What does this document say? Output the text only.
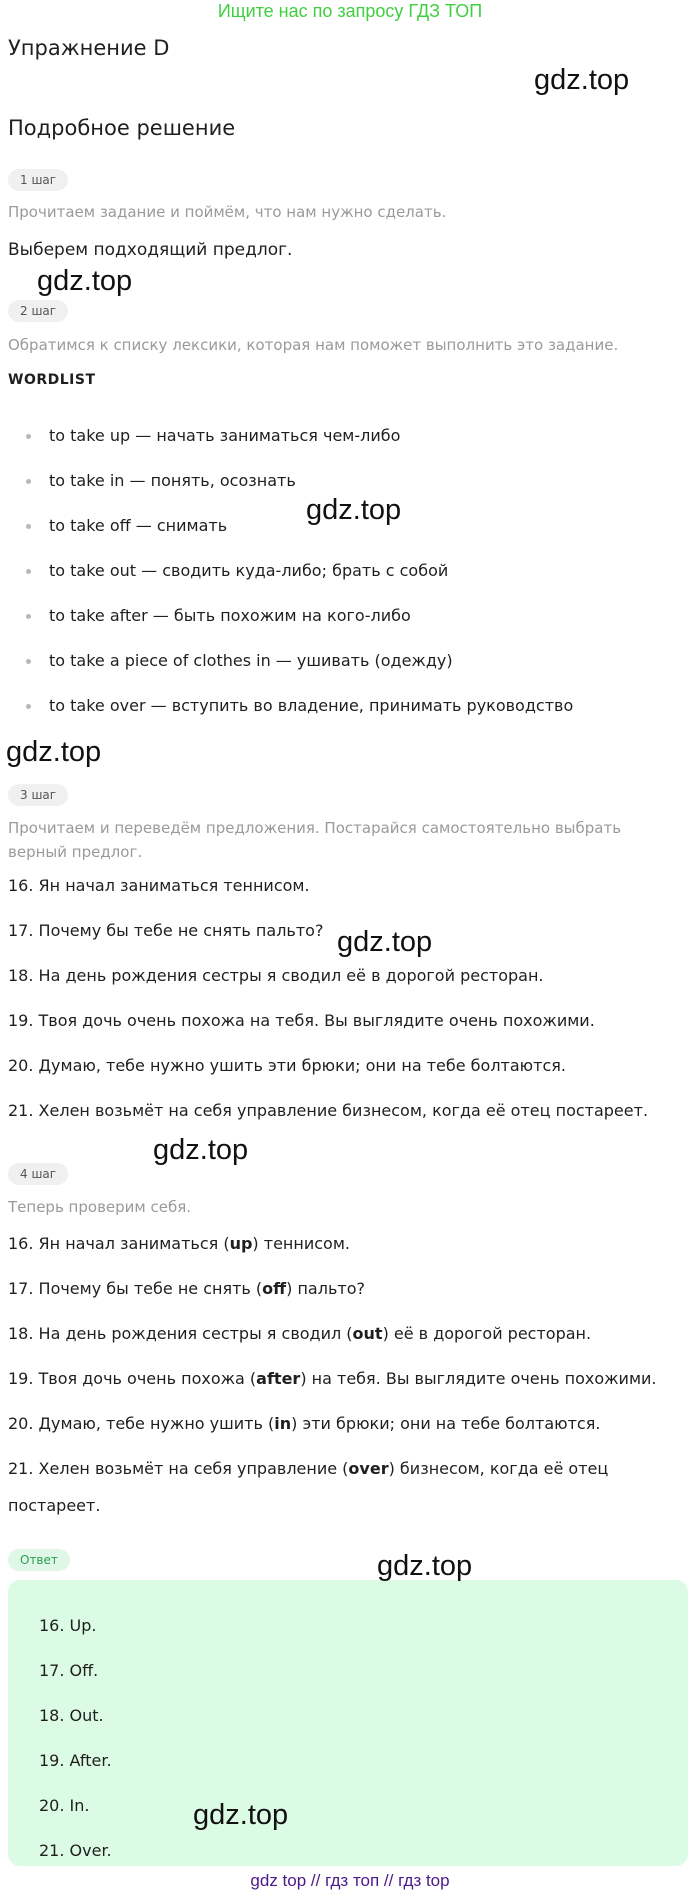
Ищите нас по запросу ГДЗ ТОП
Упражнение D
Подробное решение
1 шаг
Прочитаем задание и поймём, что нам нужно сделать.
Выберем подходящий предлог.
2 шаг
Обратимся к списку лексики, которая нам поможет выполнить это задание.
WORDLIST
to take up — начать заниматься чем-либо
to take in — понять, осознать
to take off — снимать
to take out — сводить куда-либо; брать с собой
to take after — быть похожим на кого-либо
to take a piece of clothes in — ушивать (одежду)
to take over — вступить во владение, принимать руководство
3 шаг
Прочитаем и переведём предложения. Постарайся самостоятельно выбрать верный предлог.
16. Ян начал заниматься теннисом.
17. Почему бы тебе не снять пальто?
18. На день рождения сестры я сводил её в дорогой ресторан.
19. Твоя дочь очень похожа на тебя. Вы выглядите очень похожими.
20. Думаю, тебе нужно ушить эти брюки; они на тебе болтаются.
21. Хелен возьмёт на себя управление бизнесом, когда её отец постареет.
4 шаг
Теперь проверим себя.
16. Ян начал заниматься (up) теннисом.
17. Почему бы тебе не снять (off) пальто?
18. На день рождения сестры я сводил (out) её в дорогой ресторан.
19. Твоя дочь очень похожа (after) на тебя. Вы выглядите очень похожими.
20. Думаю, тебе нужно ушить (in) эти брюки; они на тебе болтаются.
21. Хелен возьмёт на себя управление (over) бизнесом, когда её отец
постареет.
Ответ
16. Up.
17. Off.
18. Out.
19. After.
20. In.
21. Over.
gdz.top
gdz.top
gdz.top
gdz.top
gdz.top
gdz.top
gdz.top
gdz.top
gdz top // гдз топ // гдз top
